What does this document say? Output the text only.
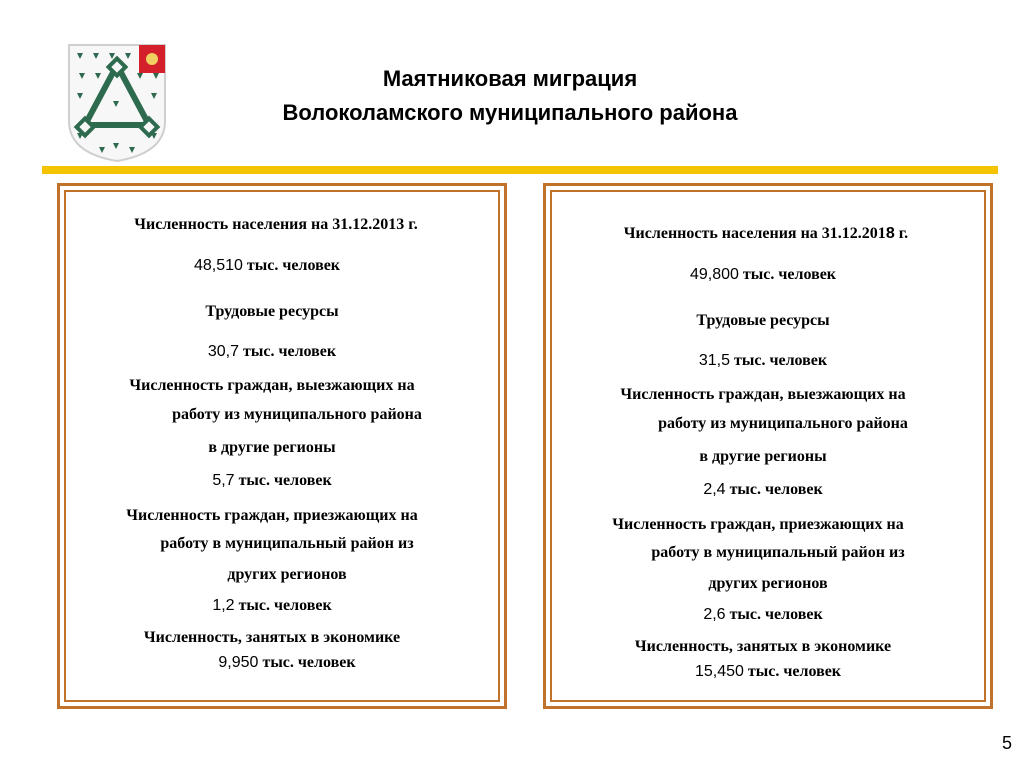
Маятниковая миграция
Волоколамского муниципального района
Численность населения на 31.12.2013 г.
48,510 тыс. человек
Трудовые ресурсы
30,7 тыс. человек
Численность граждан, выезжающих на
работу из муниципального района
в другие регионы
5,7 тыс. человек
Численность граждан, приезжающих на
работу в муниципальный район из
других регионов
1,2 тыс. человек
Численность, занятых в экономике
9,950 тыс. человек
Численность населения на 31.12.2018 г.
49,800 тыс. человек
Трудовые ресурсы
31,5 тыс. человек
Численность граждан, выезжающих на
работу из муниципального района
в другие регионы
2,4 тыс. человек
Численность граждан, приезжающих на
работу в муниципальный район из
других регионов
2,6 тыс. человек
Численность, занятых в экономике
15,450 тыс. человек
5
